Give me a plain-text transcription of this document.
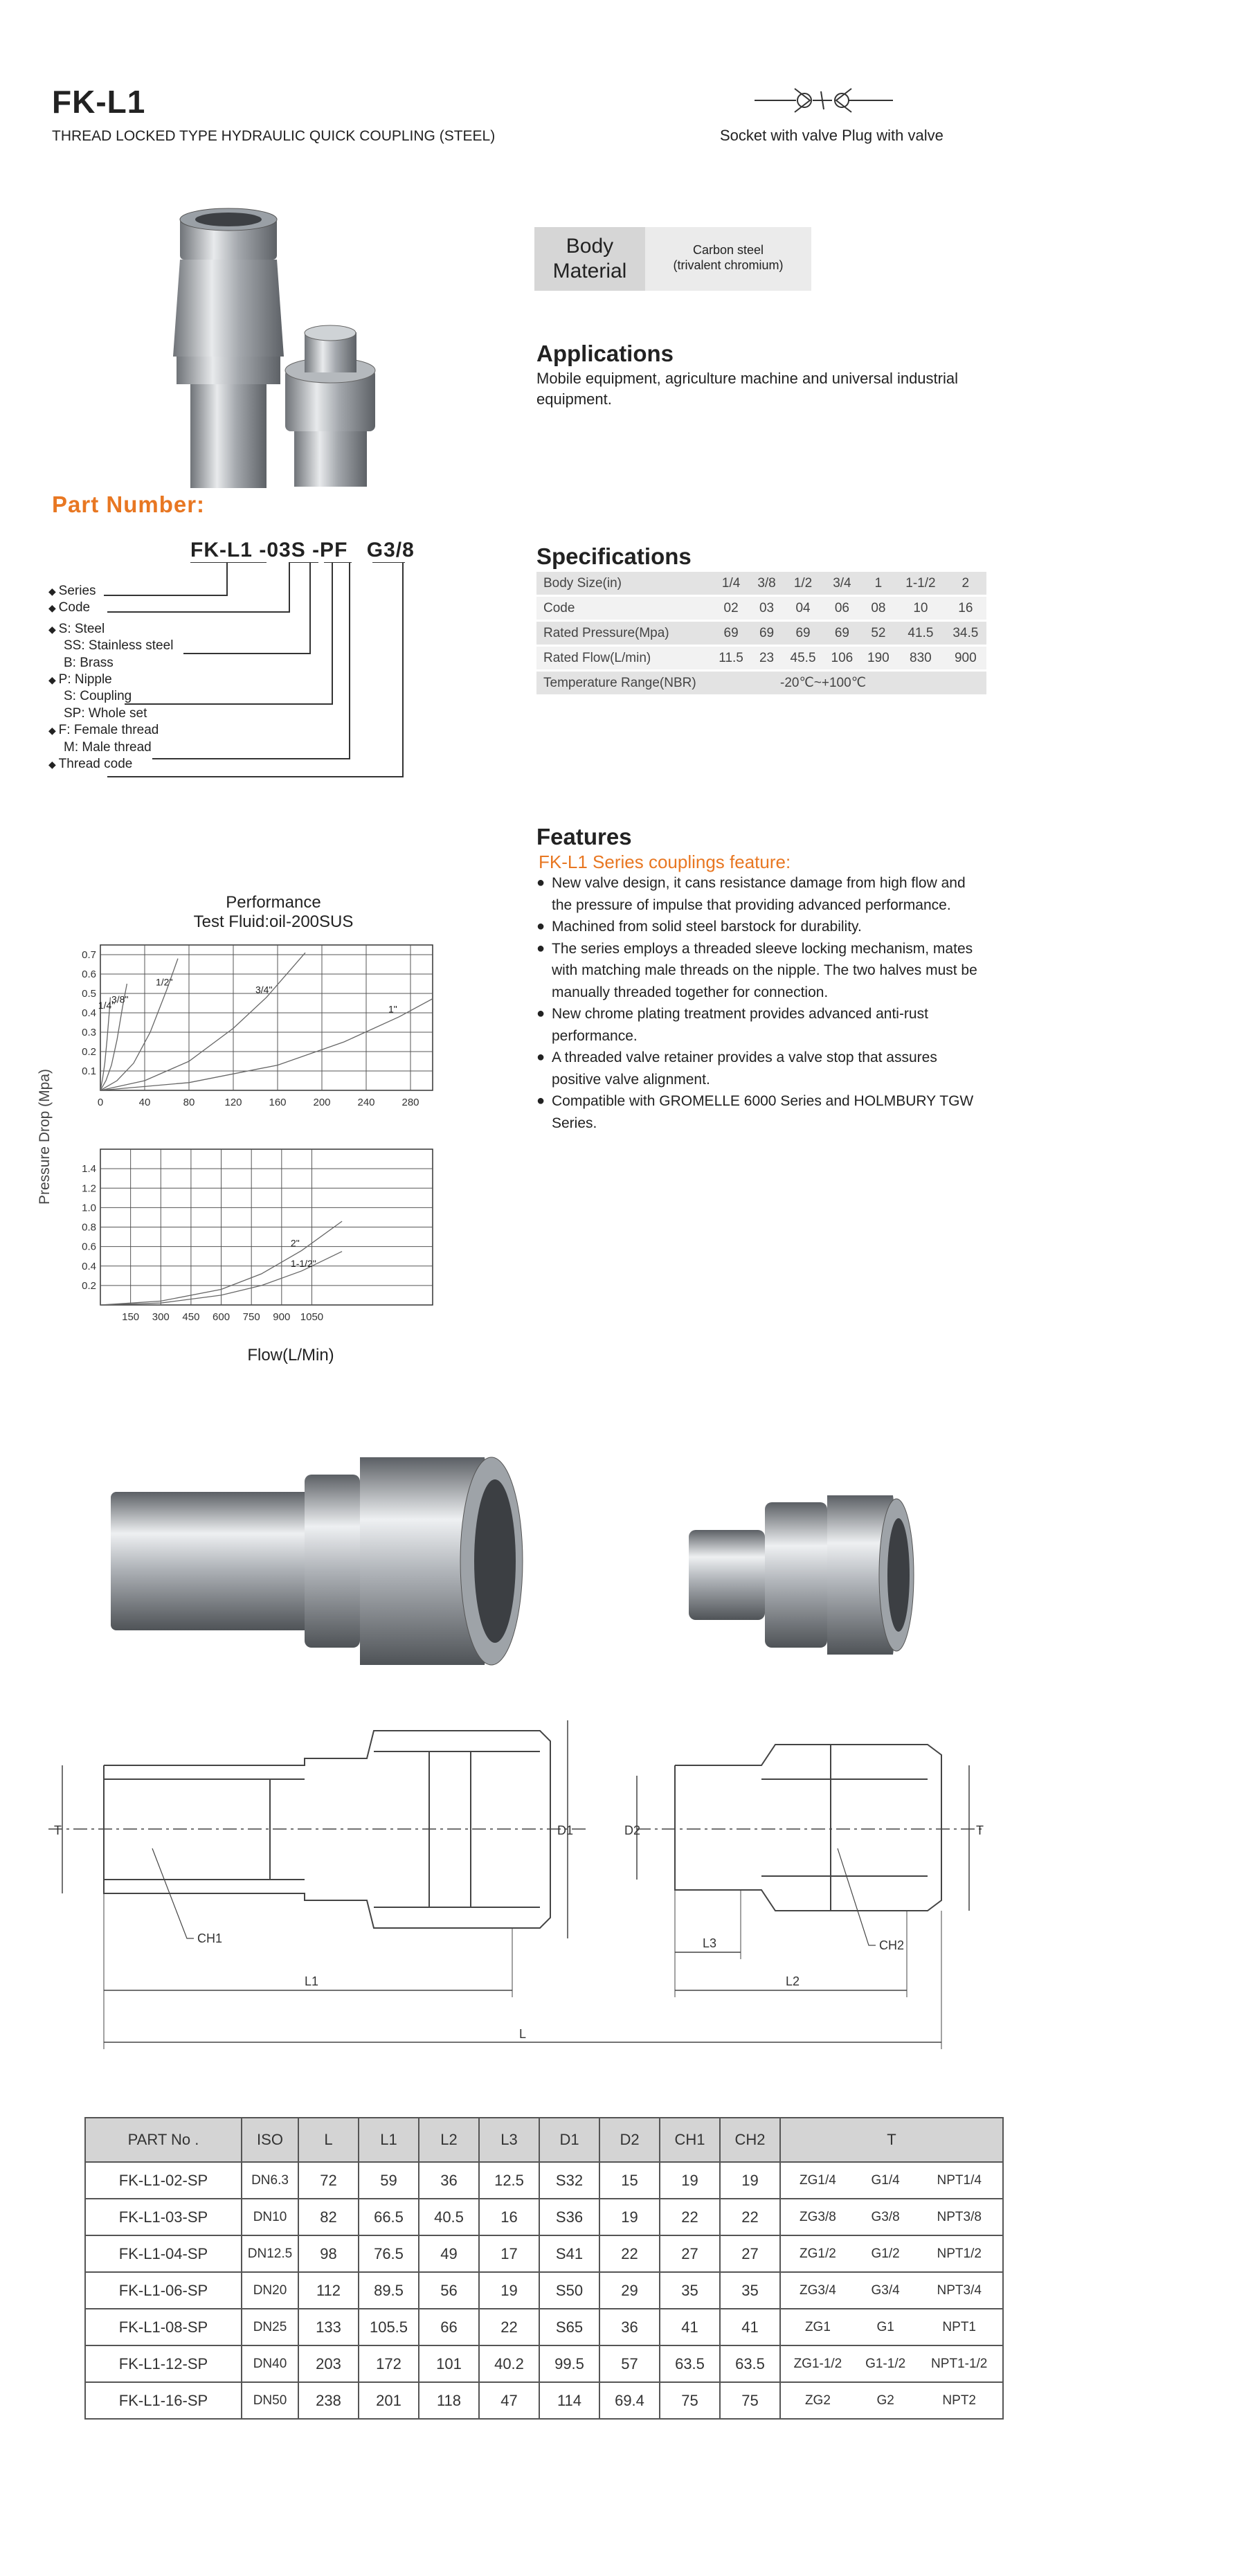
FK-L1
THREAD LOCKED TYPE HYDRAULIC QUICK COUPLING (STEEL)	Socket with valve Plug with valve
Body
Material
Carbon steel
(trivalent chromium)
Applications
Mobile equipment, agriculture machine and universal industrial equipment.
Part Number:
FK-L1 -03S -PF G3/8
◆ Series
◆ Code
◆ S: Steel
SS: Stainless steel
B: Brass
◆ P: Nipple
S: Coupling
SP: Whole set
◆ F: Female thread
M: Male thread
◆ Thread code
Specifications
Body Size(in)	1/4	3/8	1/2	3/4	1	1-1/2	2
Code	02	03	04	06	08	10	16
Rated Pressure(Mpa)	69	69	69	69	52	41.5	34.5
Rated Flow(L/min)	11.5	23	45.5	106	190	830	900
Temperature Range(NBR)	-20℃~+100℃						
Features
FK-L1 Series couplings feature:
● New valve design, it cans resistance damage from high flow and the pressure of impulse that providing advanced performance.
● Machined from solid steel barstock for durability.
● The series employs a threaded sleeve locking mechanism, mates with matching male threads on the nipple. The two halves must be manually threaded together for connection.
● New chrome plating treatment provides advanced anti-rust performance.
● A threaded valve retainer provides a valve stop that assures positive valve alignment.
● Compatible with GROMELLE 6000 Series and HOLMBURY TGW Series.
Performance
Test Fluid:oil-200SUS
Pressure Drop (Mpa)	0.1
0.2
0.3
0.4
0.5
0.6
0.7
0	40	80	120	160	200	240	280
1/4"
3/8"
1/2"
3/4"
1"
0.2
0.4
0.6
0.8
1.0
1.2
1.4
150 300 450 600 750 900 1050
1-1/2"
2"
Flow(L/Min)
T	T
D1	D2
CH1	CH2
L1
L3
L2
L
PART No .	ISO	L	L1	L2	L3	D1	D2	CH1	CH2	T		
FK-L1-02-SP	DN6.3	72	59	36	12.5	S32	15	19	19	ZG1/4	G1/4	NPT1/4
FK-L1-03-SP	DN10	82	66.5	40.5	16	S36	19	22	22	ZG3/8	G3/8	NPT3/8
FK-L1-04-SP	DN12.5	98	76.5	49	17	S41	22	27	27	ZG1/2	G1/2	NPT1/2
FK-L1-06-SP	DN20	112	89.5	56	19	S50	29	35	35	ZG3/4	G3/4	NPT3/4
FK-L1-08-SP	DN25	133	105.5	66	22	S65	36	41	41	ZG1	G1	NPT1
FK-L1-12-SP	DN40	203	172	101	40.2	99.5	57	63.5	63.5	ZG1-1/2	G1-1/2	NPT1-1/2
FK-L1-16-SP	DN50	238	201	118	47	114	69.4	75	75	ZG2	G2	NPT2
